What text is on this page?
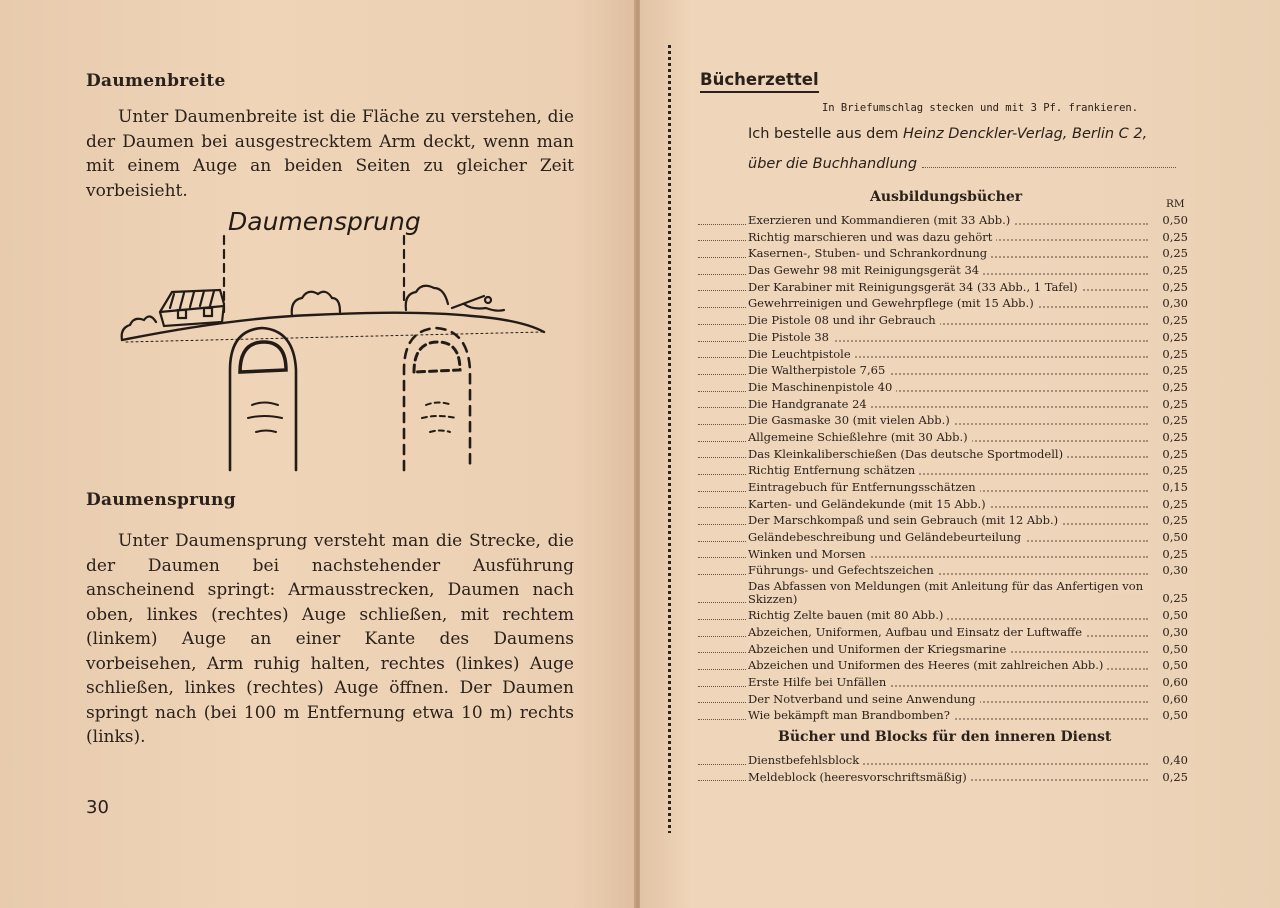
Daumenbreite
Unter Daumenbreite ist die Fläche zu verstehen, die der Daumen bei ausgestrecktem Arm deckt, wenn man mit einem Auge an beiden Seiten zu gleicher Zeit vorbeisieht.
Daumensprung
Daumensprung
Unter Daumensprung versteht man die Strecke, die der Daumen bei nachstehender Ausführung anscheinend springt: Armausstrecken, Daumen nach oben, linkes (rechtes) Auge schließen, mit rechtem (linkem) Auge an einer Kante des Daumens vorbeisehen, Arm ruhig halten, rechtes (linkes) Auge schließen, linkes (rechtes) Auge öffnen. Der Daumen springt nach (bei 100 m Entfernung etwa 10 m) rechts (links).
30
Bücherzettel
In Briefumschlag stecken und mit 3 Pf. frankieren.
Ich bestelle aus dem Heinz Denckler-Verlag, Berlin C 2,
über die Buchhandlung
Ausbildungsbücher	RM
Exerzieren und Kommandieren (mit 33 Abb.)	0,50
Richtig marschieren und was dazu gehört	0,25
Kasernen-, Stuben- und Schrankordnung	0,25
Das Gewehr 98 mit Reinigungsgerät 34	0,25
Der Karabiner mit Reinigungsgerät 34 (33 Abb., 1 Tafel)	0,25
Gewehrreinigen und Gewehrpflege (mit 15 Abb.)	0,30
Die Pistole 08 und ihr Gebrauch	0,25
Die Pistole 38	0,25
Die Leuchtpistole	0,25
Die Waltherpistole 7,65	0,25
Die Maschinenpistole 40	0,25
Die Handgranate 24	0,25
Die Gasmaske 30 (mit vielen Abb.)	0,25
Allgemeine Schießlehre (mit 30 Abb.)	0,25
Das Kleinkaliberschießen (Das deutsche Sportmodell)	0,25
Richtig Entfernung schätzen	0,25
Eintragebuch für Entfernungsschätzen	0,15
Karten- und Geländekunde (mit 15 Abb.)	0,25
Der Marschkompaß und sein Gebrauch (mit 12 Abb.)	0,25
Geländebeschreibung und Geländebeurteilung	0,50
Winken und Morsen	0,25
Führungs- und Gefechtszeichen	0,30
Das Abfassen von Meldungen (mit Anleitung für das Anfertigen von Skizzen)	0,25
Richtig Zelte bauen (mit 80 Abb.)	0,50
Abzeichen, Uniformen, Aufbau und Einsatz der Luftwaffe	0,30
Abzeichen und Uniformen der Kriegsmarine	0,50
Abzeichen und Uniformen des Heeres (mit zahlreichen Abb.)	0,50
Erste Hilfe bei Unfällen	0,60
Der Notverband und seine Anwendung	0,60
Wie bekämpft man Brandbomben?	0,50
Bücher und Blocks für den inneren Dienst
Dienstbefehlsblock	0,40
Meldeblock (heeresvorschriftsmäßig)	0,25
